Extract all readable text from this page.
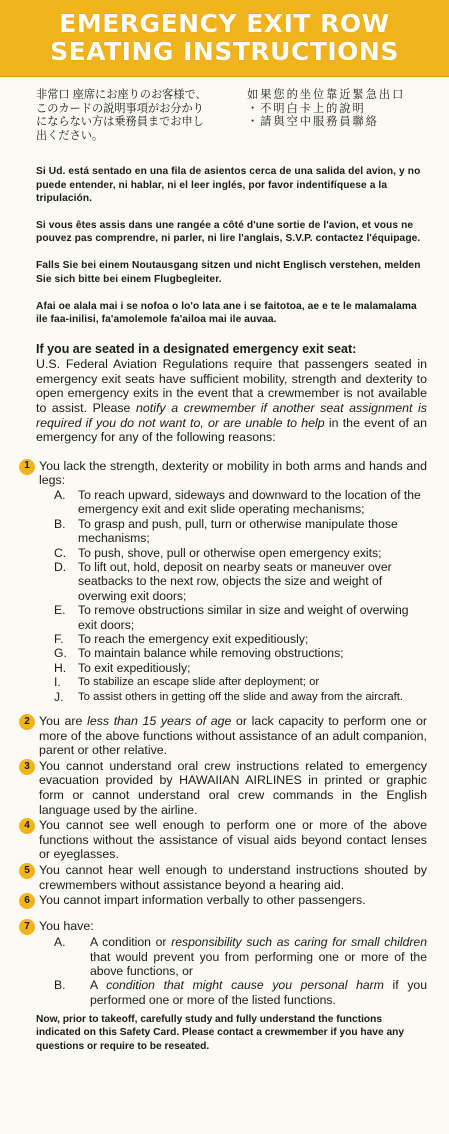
EMERGENCY EXIT ROW
SEATING INSTRUCTIONS
非常口 座席にお座りのお客様で、
このカードの説明事項がお分かり
にならない方は乗務員までお申し
出ください。
如果您的坐位靠近緊急出口
・不明白卡上的說明
・請與空中服務員聯絡
Si Ud. está sentado en una fila de asientos cerca de una salida del avion, y no puede entender, ni hablar, ni el leer inglés, por favor indentifíquese a la tripulación.
Si vous êtes assis dans une rangée a côté d'une sortie de l'avion, et vous ne pouvez pas comprendre, ni parler, ni lire l'anglais, S.V.P. contactez l'équipage.
Falls Sie bei einem Noutausgang sitzen und nicht Englisch verstehen, melden Sie sich bitte bei einem Flugbegleiter.
Afai oe alala mai i se nofoa o lo'o lata ane i se faitotoa, ae e te le malamalama ile faa-inilisi, fa'amolemole fa'ailoa mai ile auvaa.
If you are seated in a designated emergency exit seat:
U.S. Federal Aviation Regulations require that passengers seated in emergency exit seats have sufficient mobility, strength and dexterity to open emergency exits in the event that a crewmember is not available to assist. Please notify a crewmember if another seat assignment is required if you do not want to, or are unable to help in the event of an emergency for any of the following reasons:
1 You lack the strength, dexterity or mobility in both arms and hands and legs:
A.	To reach upward, sideways and downward to the location of the emergency exit and exit slide operating mechanisms;
B.	To grasp and push, pull, turn or otherwise manipulate those mechanisms;
C. To push, shove, pull or otherwise open emergency exits;
D. To lift out, hold, deposit on nearby seats or maneuver over seatbacks to the next row, objects the size and weight of overwing exit doors;
E.	To remove obstructions similar in size and weight of overwing exit doors;
F.	To reach the emergency exit expeditiously;
G. To maintain balance while removing obstructions;
H. To exit expeditiously;
I.	To stabilize an escape slide after deployment; or
J.	To assist others in getting off the slide and away from the aircraft.
2 You are less than 15 years of age or lack capacity to perform one or more of the above functions without assistance of an adult companion, parent or other relative.
3 You cannot understand oral crew instructions related to emergency evacuation provided by HAWAIIAN AIRLINES in printed or graphic form or cannot understand oral crew commands in the English language used by the airline.
4 You cannot see well enough to perform one or more of the above functions without the assistance of visual aids beyond contact lenses or eyeglasses.
5 You cannot hear well enough to understand instructions shouted by crewmembers without assistance beyond a hearing aid.
6 You cannot impart information verbally to other passengers.
7 You have:
A.	A condition or responsibility such as caring for small children that would prevent you from performing one or more of the above functions, or
B.	A condition that might cause you personal harm if you performed one or more of the listed functions.
Now, prior to takeoff, carefully study and fully understand the functions indicated on this Safety Card. Please contact a crewmember if you have any questions or require to be reseated.
